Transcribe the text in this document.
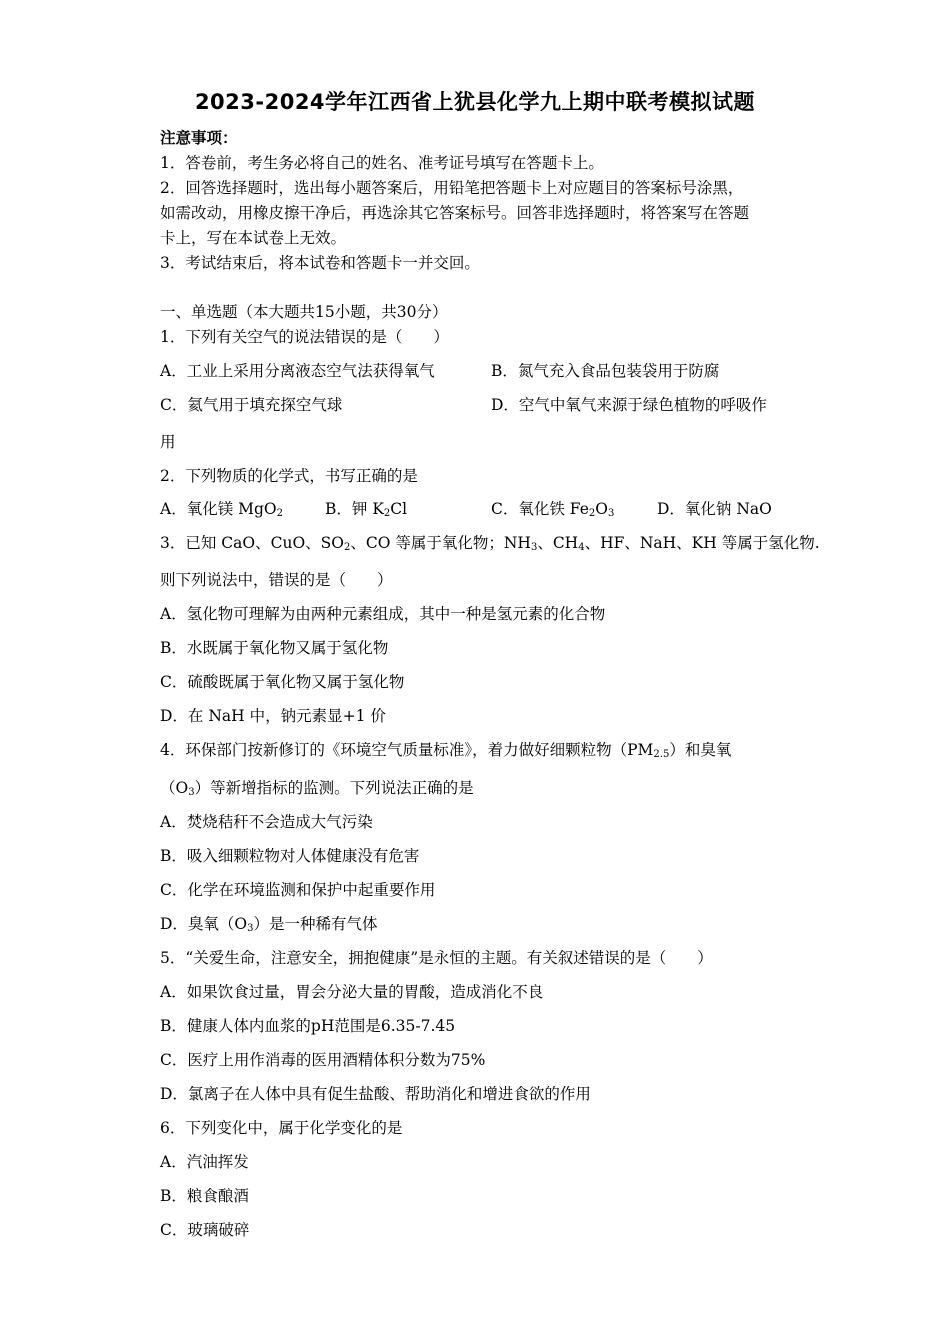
2023-2024学年江西省上犹县化学九上期中联考模拟试题
注意事项：
1．答卷前，考生务必将自己的姓名、准考证号填写在答题卡上。
2．回答选择题时，选出每小题答案后，用铅笔把答题卡上对应题目的答案标号涂黑，
如需改动，用橡皮擦干净后，再选涂其它答案标号。回答非选择题时，将答案写在答题
卡上，写在本试卷上无效。
3．考试结束后，将本试卷和答题卡一并交回。
一、单选题（本大题共15小题，共30分）
1．下列有关空气的说法错误的是（　　）
A．工业上采用分离液态空气法获得氧气	B．氮气充入食品包装袋用于防腐
C．氦气用于填充探空气球	D．空气中氧气来源于绿色植物的呼吸作
用
2．下列物质的化学式，书写正确的是
A．氧化镁 MgO$_2$	B．钾 $K_2Cl$	C．氧化铁 $Fe_2O_3$	D．氧化钠 NaO
3．已知 CaO、CuO、$SO_2$、CO 等属于氧化物；$NH_3$、$CH_4$、HF、NaH、KH 等属于氢化物.
则下列说法中，错误的是（　　）
A．氢化物可理解为由两种元素组成，其中一种是氢元素的化合物
B．水既属于氧化物又属于氢化物
C．硫酸既属于氧化物又属于氢化物
D．在 NaH 中，钠元素显+1 价
4．环保部门按新修订的《环境空气质量标准》，着力做好细颗粒物$(PM_{2.5})$和臭氧
$(O_3)$等新增指标的监测。下列说法正确的是
A．焚烧秸秆不会造成大气污染
B．吸入细颗粒物对人体健康没有危害
C．化学在环境监测和保护中起重要作用
D．臭氧$(O_3)$是一种稀有气体
5．“关爱生命，注意安全，拥抱健康”是永恒的主题。有关叙述错误的是（　　）
A．如果饮食过量，胃会分泌大量的胃酸，造成消化不良
B．健康人体内血浆的pH范围是6.35-7.45
C．医疗上用作消毒的医用酒精体积分数为75%
D．氯离子在人体中具有促生盐酸、帮助消化和增进食欲的作用
6．下列变化中，属于化学变化的是
A．汽油挥发
B．粮食酿酒
C．玻璃破碎
